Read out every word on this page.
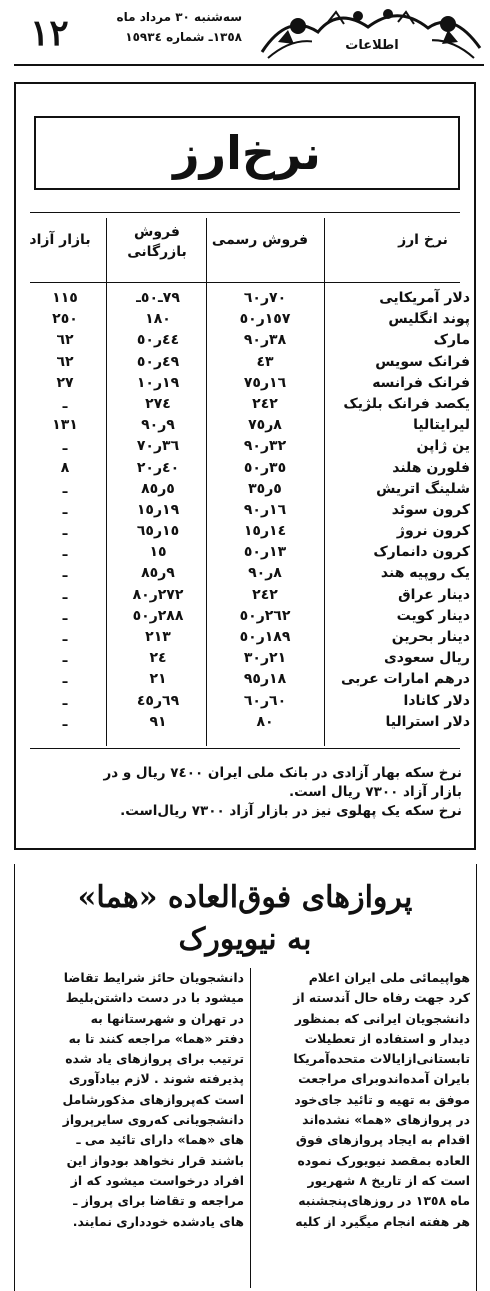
١٢	سه‌شنبه ٣٠ مرداد ماه
١٣٥٨ـ شماره ١٥٩٣٤
اطلاعات
نرخ‌ارز
نرخ ارز
فروش رسمی
فروش
بازرگانی
بازار آزاد
دلار آمریکایی
٧٠ر٦٠
٧٩ـ٥٠ـ
١١٥
پوند انگلیس
١٥٧ر٥٠
١٨٠
٢٥٠
مارک
٣٨ر٩٠
٤٤ر٥٠
٦٢
فرانک سویس
٤٣
٤٩ر٥٠
٦٢
فرانک فرانسه
١٦ر٧٥
١٩ر١٠
٢٧
یکصد فرانک بلژیک
٢٤٢
٢٧٤
ـ
لیرایتالیا
٨ر٧٥
٩ر٩٠
١٣١
ین ژاپن
٣٢ر٩٠
٣٦ر٧٠
ـ
فلورن هلند
٣٥ر٥٠
٤٠ر٢٠
٨
شلینگ اتریش
٥ر٣٥
٥ر٨٥
ـ
کرون سوئد
١٦ر٩٠
١٩ر١٥
ـ
کرون نروژ
١٤ر١٥
١٥ر٦٥
ـ
کرون دانمارک
١٣ر٥٠
١٥
ـ
یک روپیه هند
٨ر٩٠
٩ر٨٥
ـ
دینار عراق
٢٤٢
٢٧٢ر٨٠
ـ
دینار کویت
٢٦٢ر٥٠
٢٨٨ر٥٠
ـ
دینار بحرین
١٨٩ر٥٠
٢١٣
ـ
ریال سعودی
٢١ر٣٠
٢٤
ـ
درهم امارات عربی
١٨ر٩٥
٢١
ـ
دلار کانادا
٦٠ر٦٠
٦٩ر٤٥
ـ
دلار استرالیا
٨٠
٩١
ـ
نرخ سکه بهار آزادی در بانک ملی ایران ٧٤٠٠ ریال و در
بازار آزاد ٧٣٠٠ ریال است.
نرخ سکه یک پهلوی نیز در بازار آزاد ٧٣٠٠ ریال‌است.
پروازهای فوق‌العاده «هما»
به نیویورک
هواپیمائی ملی ایران اعلام
کرد جهت رفاه حال آندسته از
دانشجویان ایرانی که بمنظور
دیدار و استفاده از تعطیلات
تابستانی‌ازایالات متحده‌آمریکا
بایران آمده‌اندوبرای مراجعت
موفق به تهیه و تائید جای‌خود
در پروازهای «هما» نشده‌اند
اقدام به ایجاد پروازهای فوق‌
العاده بمقصد نیویورک نموده
است که از تاریخ ٨ شهریور
ماه ١٣٥٨ در روزهای‌پنجشنبه
هر هفته انجام میگیرد از کلیه
دانشجویان حائز شرایط تقاضا
میشود با در دست داشتن‌بلیط
در تهران و شهرستانها به
دفتر «هما» مراجعه کنند تا به
ترتیب برای پروازهای یاد شده
پذیرفته شوند . لازم بیادآوری
است که‌پروازهای مذکورشامل
دانشجویانی که‌روی سایرپرواز
های «هما» دارای تائید می ـ
باشند قرار نخواهد بودواز این
افراد درخواست میشود که از
مراجعه و تقاضا برای پرواز ـ
های یادشده خودداری نمایند.
